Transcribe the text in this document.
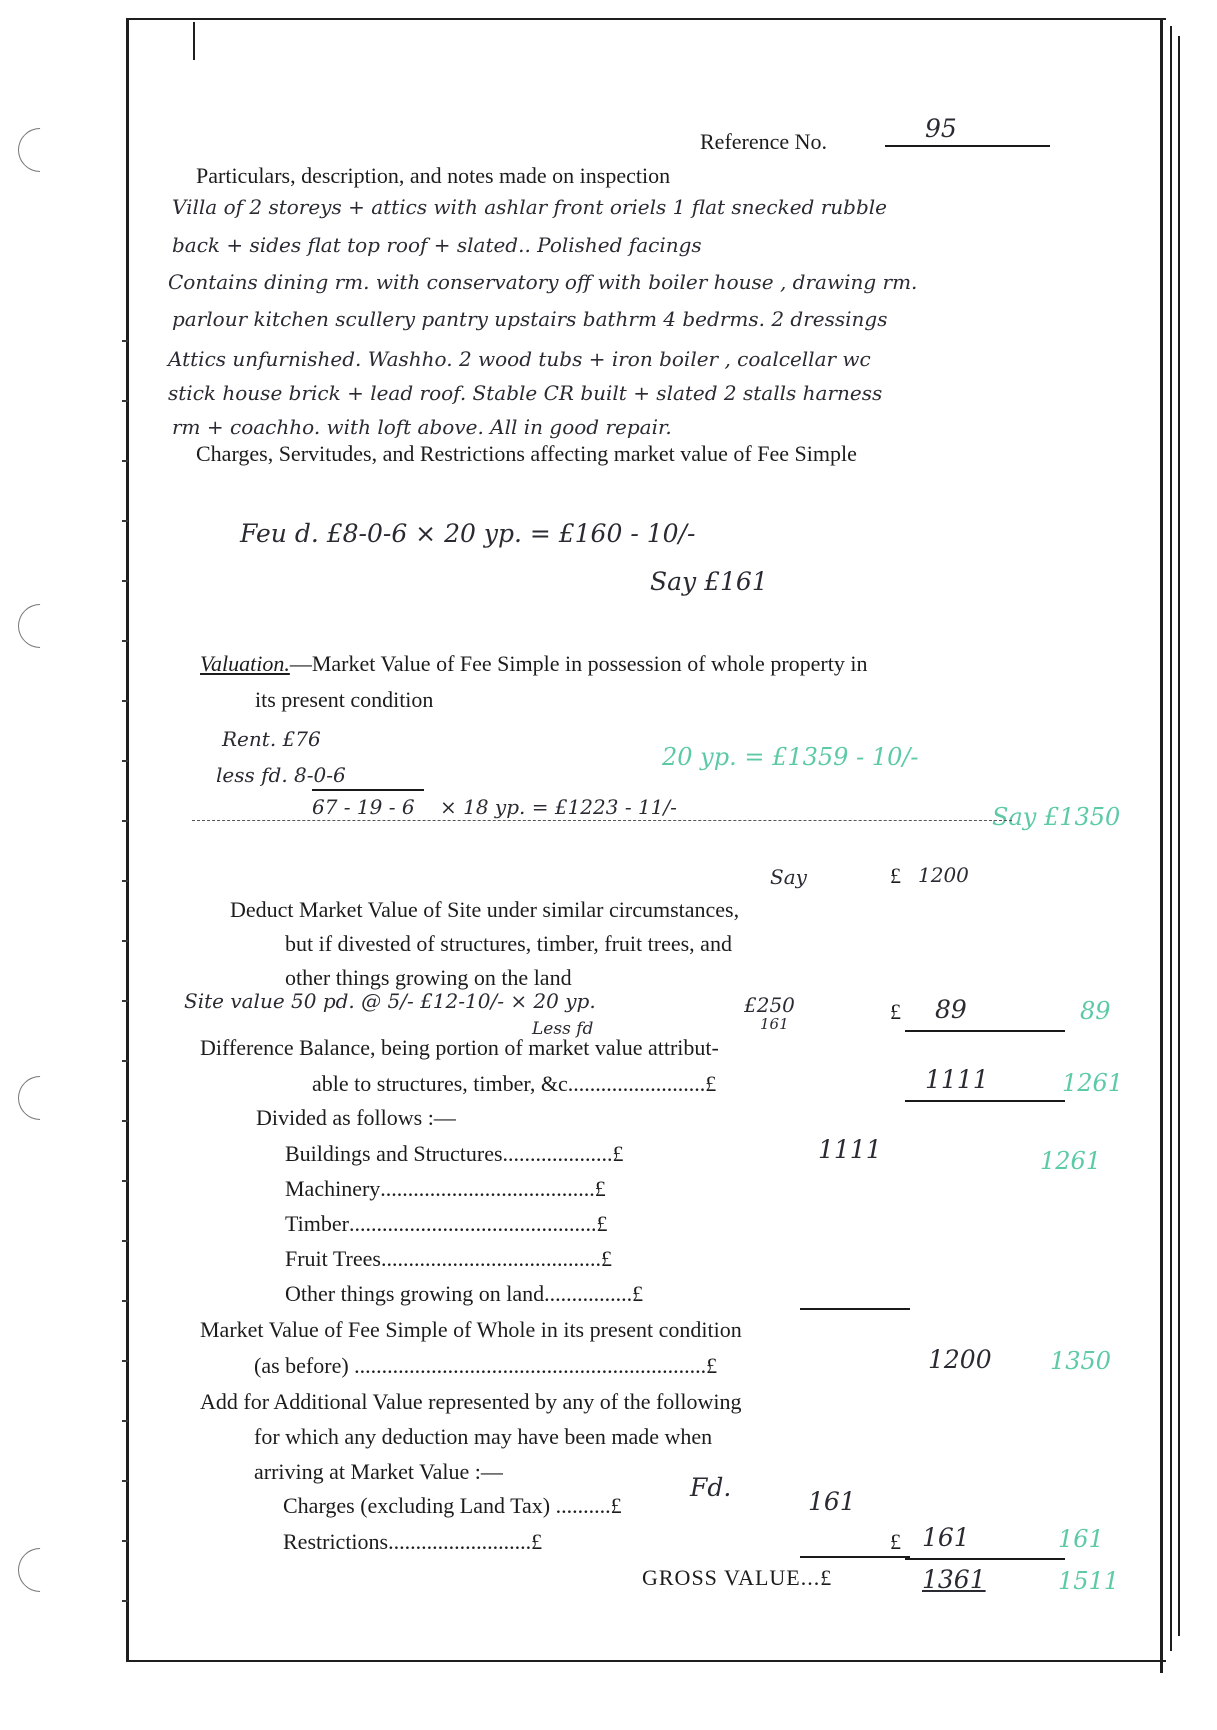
Reference No.	95
Particulars, description, and notes made on inspection
Villa of 2 storeys + attics with ashlar front oriels 1 flat snecked rubble
back + sides flat top roof + slated.. Polished facings
Contains dining rm. with conservatory off with boiler house , drawing rm.
parlour kitchen scullery pantry upstairs bathrm 4 bedrms. 2 dressings
Attics unfurnished. Washho. 2 wood tubs + iron boiler , coalcellar wc
stick house brick + lead roof. Stable CR built + slated 2 stalls harness
rm + coachho. with loft above. All in good repair.
Charges, Servitudes, and Restrictions affecting market value of Fee Simple
Feu d. £8-0-6 × 20 yp. = £160 - 10/-
Say £161
Valuation.—Market Value of Fee Simple in possession of whole property in
its present condition
Rent. £76
less fd. 8-0-6
67 - 19 - 6 × 18 yp. = £1223 - 11/-
20 yp. = £1359 - 10/-
Say £1350
Say	£ 1200
Deduct Market Value of Site under similar circumstances,
but if divested of structures, timber, fruit trees, and
other things growing on the land
Site value 50 pd. @ 5/- £12-10/- × 20 yp.	£250
161
Less fd
£ 89	89
Difference Balance, being portion of market value attribut-
able to structures, timber, &c.........................£	1111	1261
Divided as follows :—
Buildings and Structures....................£	1111	1261
Machinery.......................................£
Timber.............................................£
Fruit Trees........................................£
Other things growing on land................£
Market Value of Fee Simple of Whole in its present condition
(as before) ................................................................£	1200 1350
Add for Additional Value represented by any of the following
for which any deduction may have been made when
arriving at Market Value :—
Charges (excluding Land Tax) ..........£
Fd.	161
Restrictions..........................£	£ 161	161
GROSS VALUE...£	1361	1511
